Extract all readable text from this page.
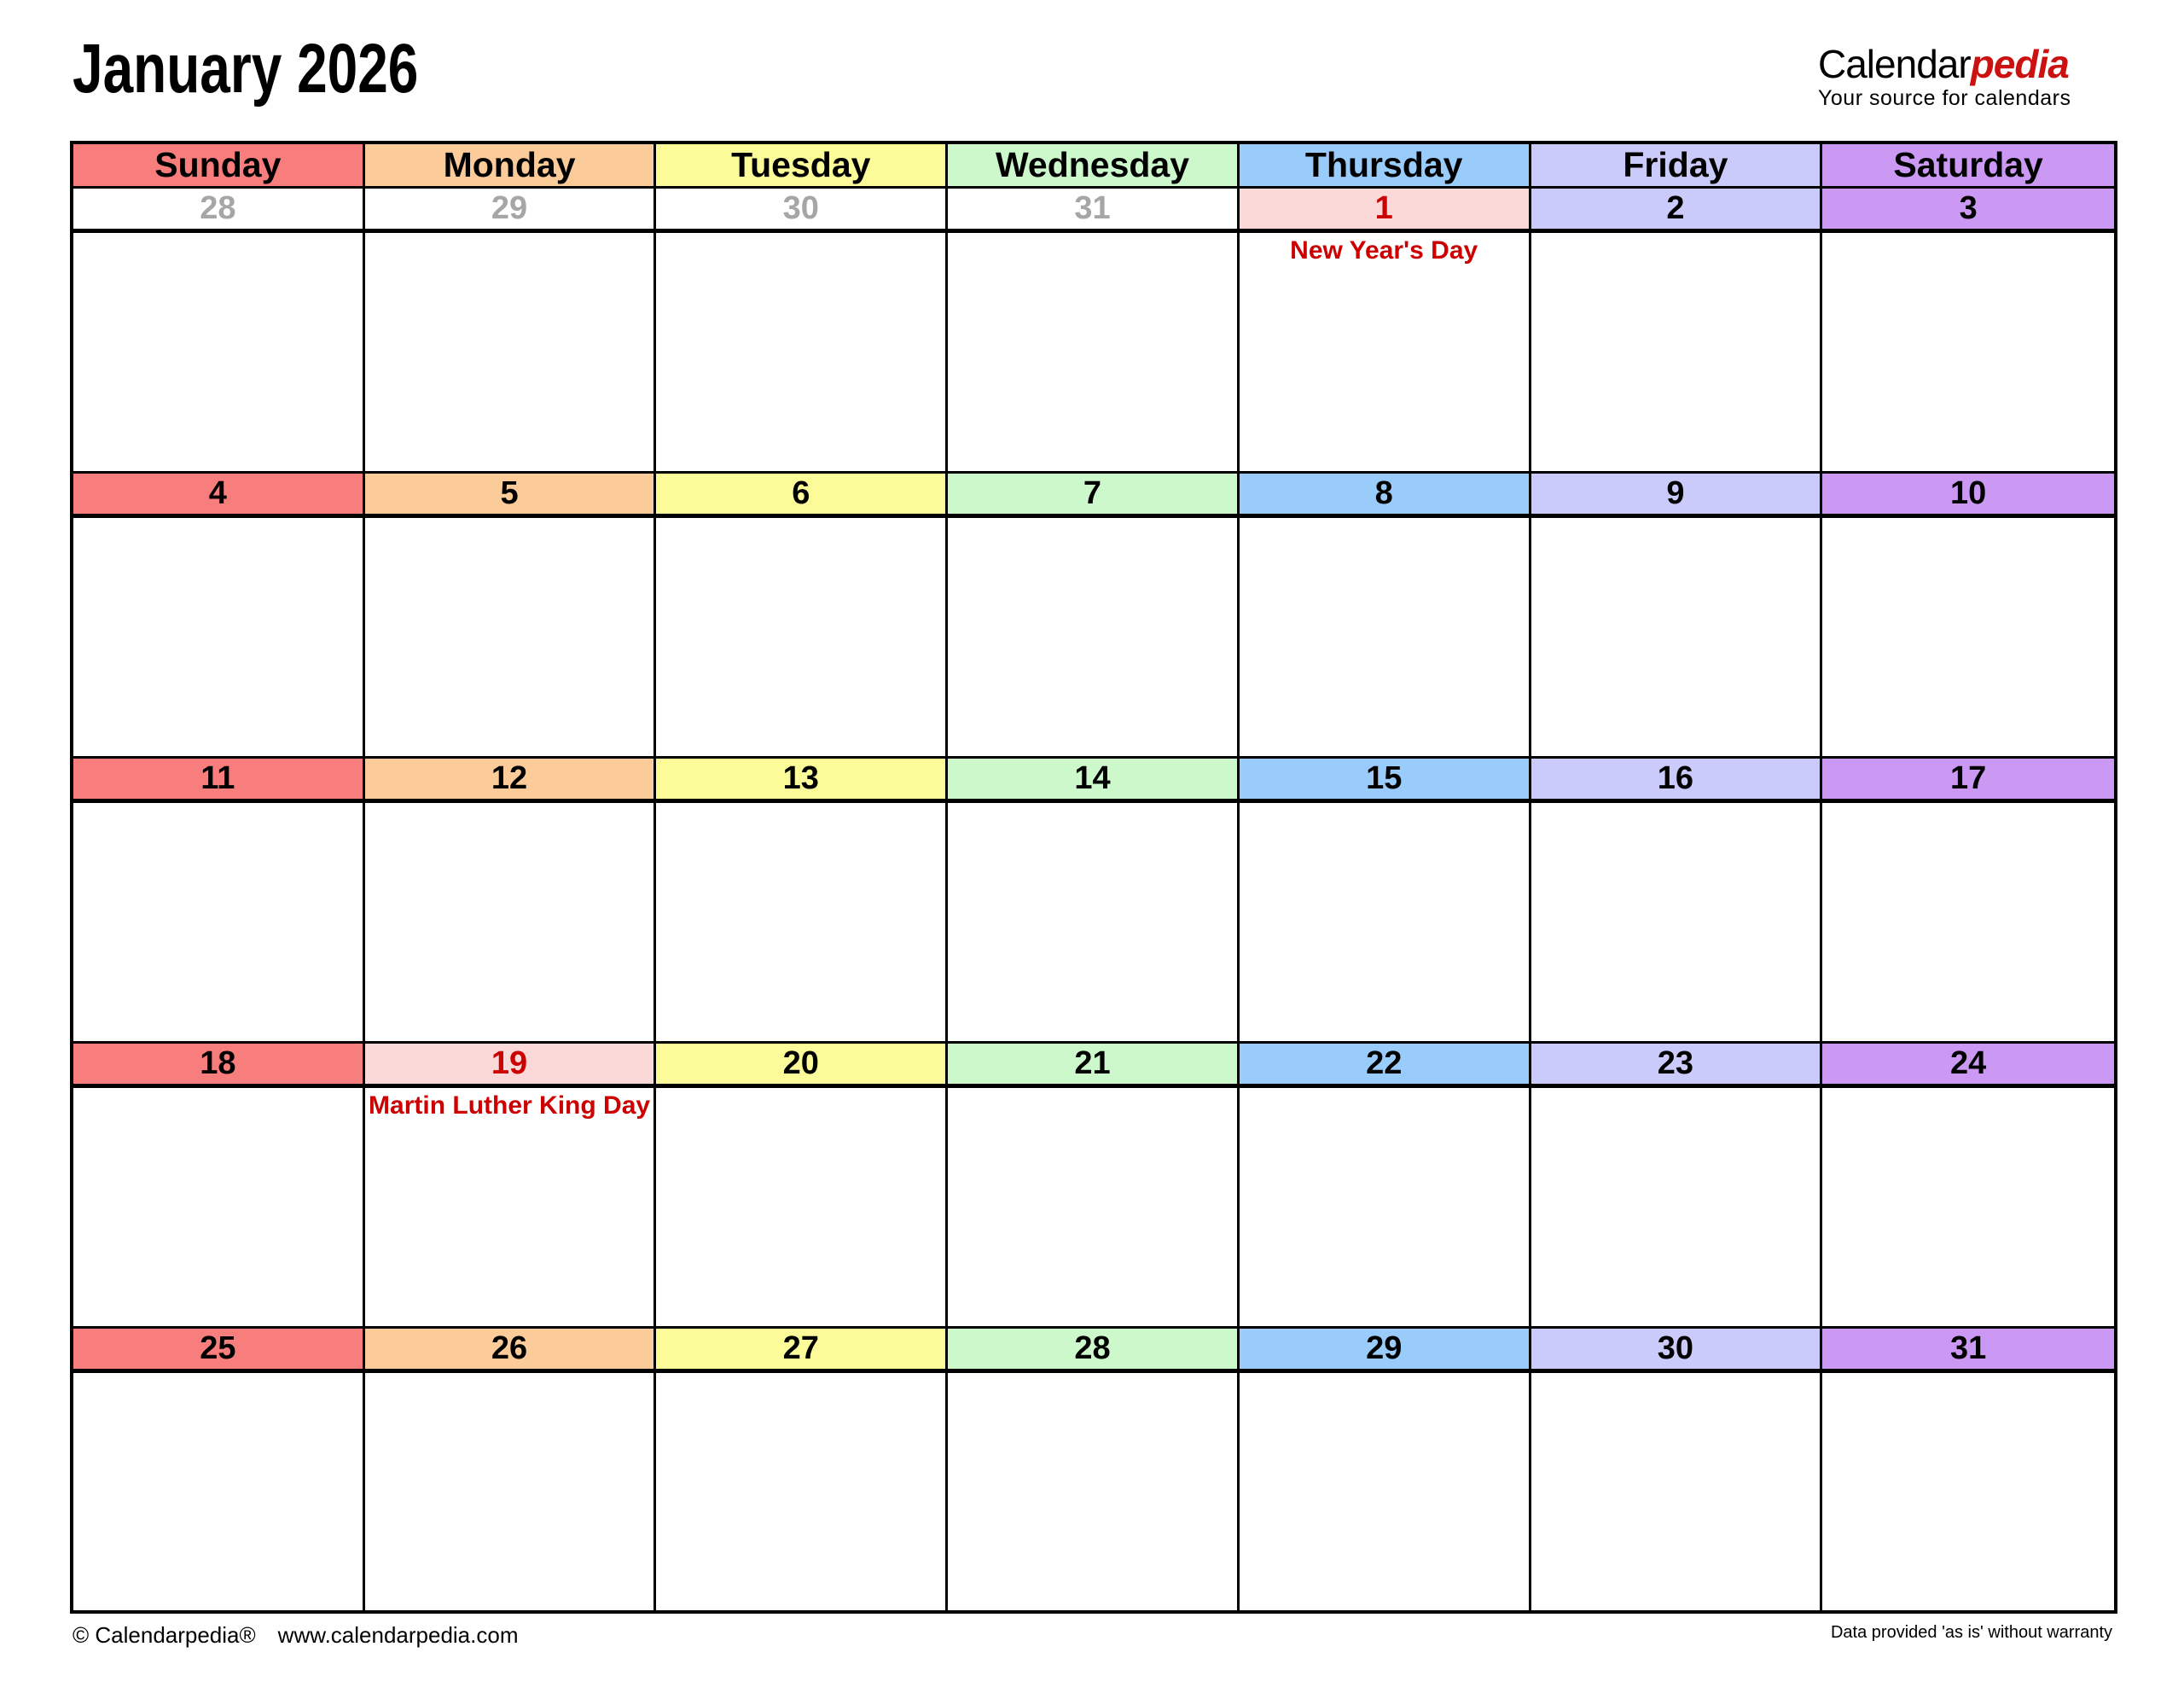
January 2026	Calendarpedia
Your source for calendars
Sunday	Monday	Tuesday	Wednesday	Thursday	Friday	Saturday
28	29	30	31	1	2	3
New Year's Day
4	5	6	7	8	9	10
11	12	13	14	15	16	17
18	19	20	21	22	23	24
Martin Luther King Day
25	26	27	28	29	30	31
© Calendarpedia® www.calendarpedia.com	Data provided 'as is' without warranty
